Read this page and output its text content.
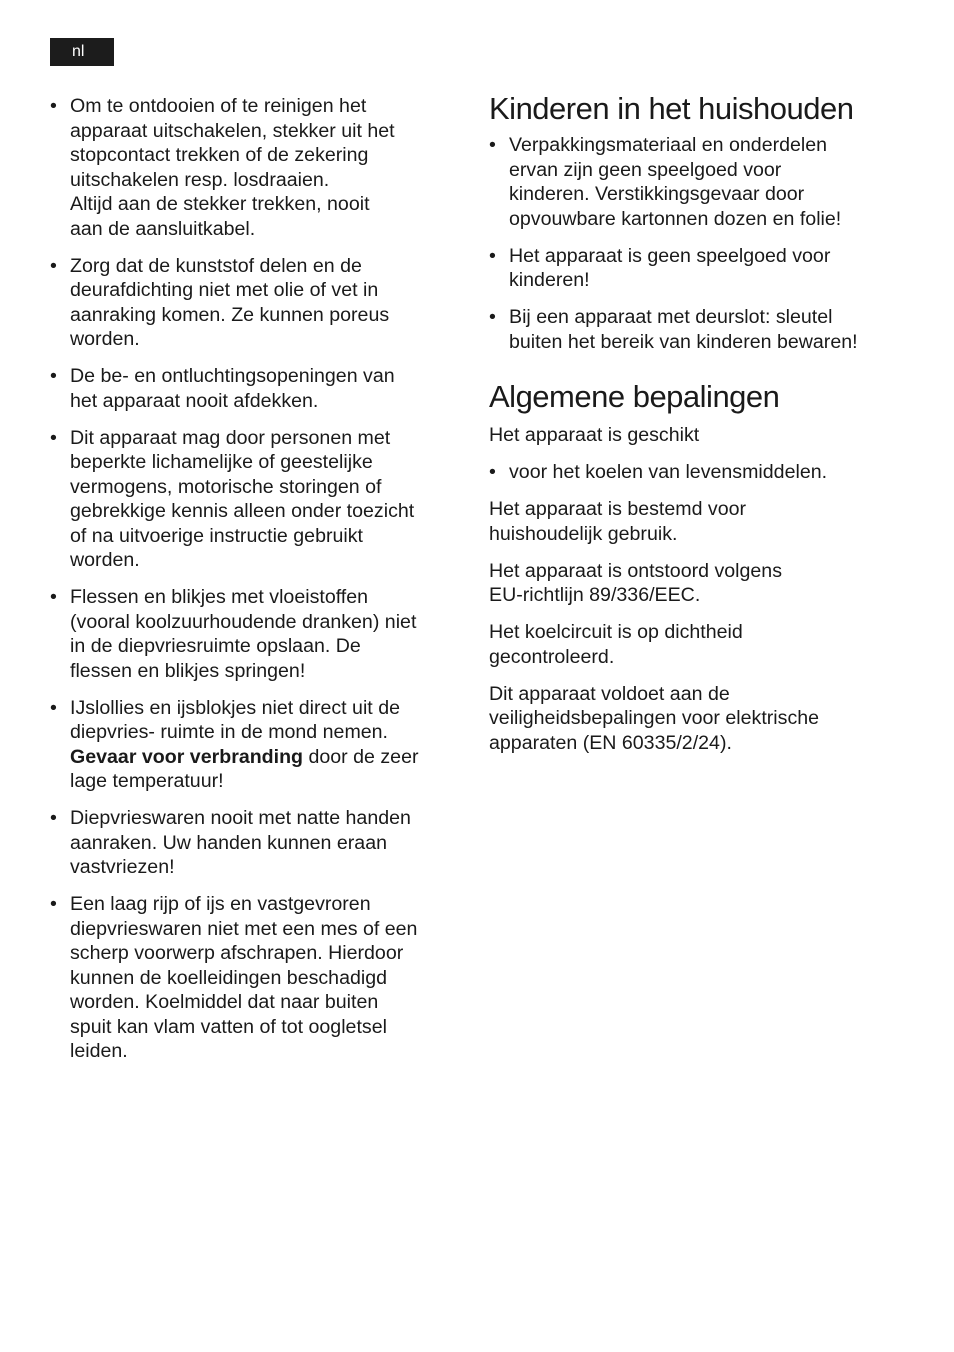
nl
• Om te ontdooien of te reinigen het
apparaat uitschakelen, stekker uit het
stopcontact trekken of de zekering
uitschakelen resp. losdraaien.
Altijd aan de stekker trekken, nooit
aan de aansluitkabel.
• Zorg dat de kunststof delen en de
deurafdichting niet met olie of vet in
aanraking komen. Ze kunnen poreus
worden.
• De be- en ontluchtingsopeningen van
het apparaat nooit afdekken.
• Dit apparaat mag door personen met
beperkte lichamelijke of geestelijke
vermogens, motorische storingen of
gebrekkige kennis alleen onder toezicht
of na uitvoerige instructie gebruikt
worden.
• Flessen en blikjes met vloeistoffen
(vooral koolzuurhoudende dranken) niet
in de diepvriesruimte opslaan. De
flessen en blikjes springen!
• IJslollies en ijsblokjes niet direct uit de
diepvries- ruimte in de mond nemen.
Gevaar voor verbranding door de zeer
lage temperatuur!
• Diepvrieswaren nooit met natte handen
aanraken. Uw handen kunnen eraan
vastvriezen!
• Een laag rijp of ijs en vastgevroren
diepvrieswaren niet met een mes of een
scherp voorwerp afschrapen. Hierdoor
kunnen de koelleidingen beschadigd
worden. Koelmiddel dat naar buiten
spuit kan vlam vatten of tot oogletsel
leiden.
Kinderen in het huishouden
• Verpakkingsmateriaal en onderdelen
ervan zijn geen speelgoed voor
kinderen. Verstikkingsgevaar door
opvouwbare kartonnen dozen en folie!
• Het apparaat is geen speelgoed voor
kinderen!
• Bij een apparaat met deurslot: sleutel
buiten het bereik van kinderen bewaren!
Algemene bepalingen

Het apparaat is geschikt

• voor het koelen van levensmiddelen.

Het apparaat is bestemd voor
huishoudelijk gebruik.

Het apparaat is ontstoord volgens
EU-richtlijn 89/336/EEC.

Het koelcircuit is op dichtheid
gecontroleerd.

Dit apparaat voldoet aan de
veiligheidsbepalingen voor elektrische
apparaten (EN 60335/2/24).
